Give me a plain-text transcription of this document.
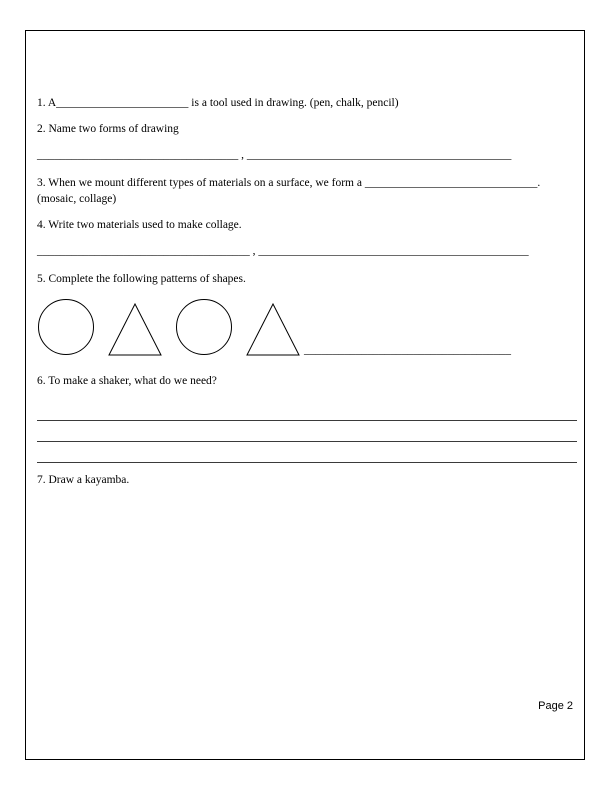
1. A_______________________ is a tool used in drawing. (pen, chalk, pencil)
2. Name two forms of drawing
___________________________________ , ______________________________________________
3. When we mount different types of materials on a surface, we form a ______________________________.
(mosaic, collage)
4. Write two materials used to make collage.
_____________________________________ , _______________________________________________
5. Complete the following patterns of shapes.
____________________________________
6. To make a shaker, what do we need?
7. Draw a kayamba.
Page 2
